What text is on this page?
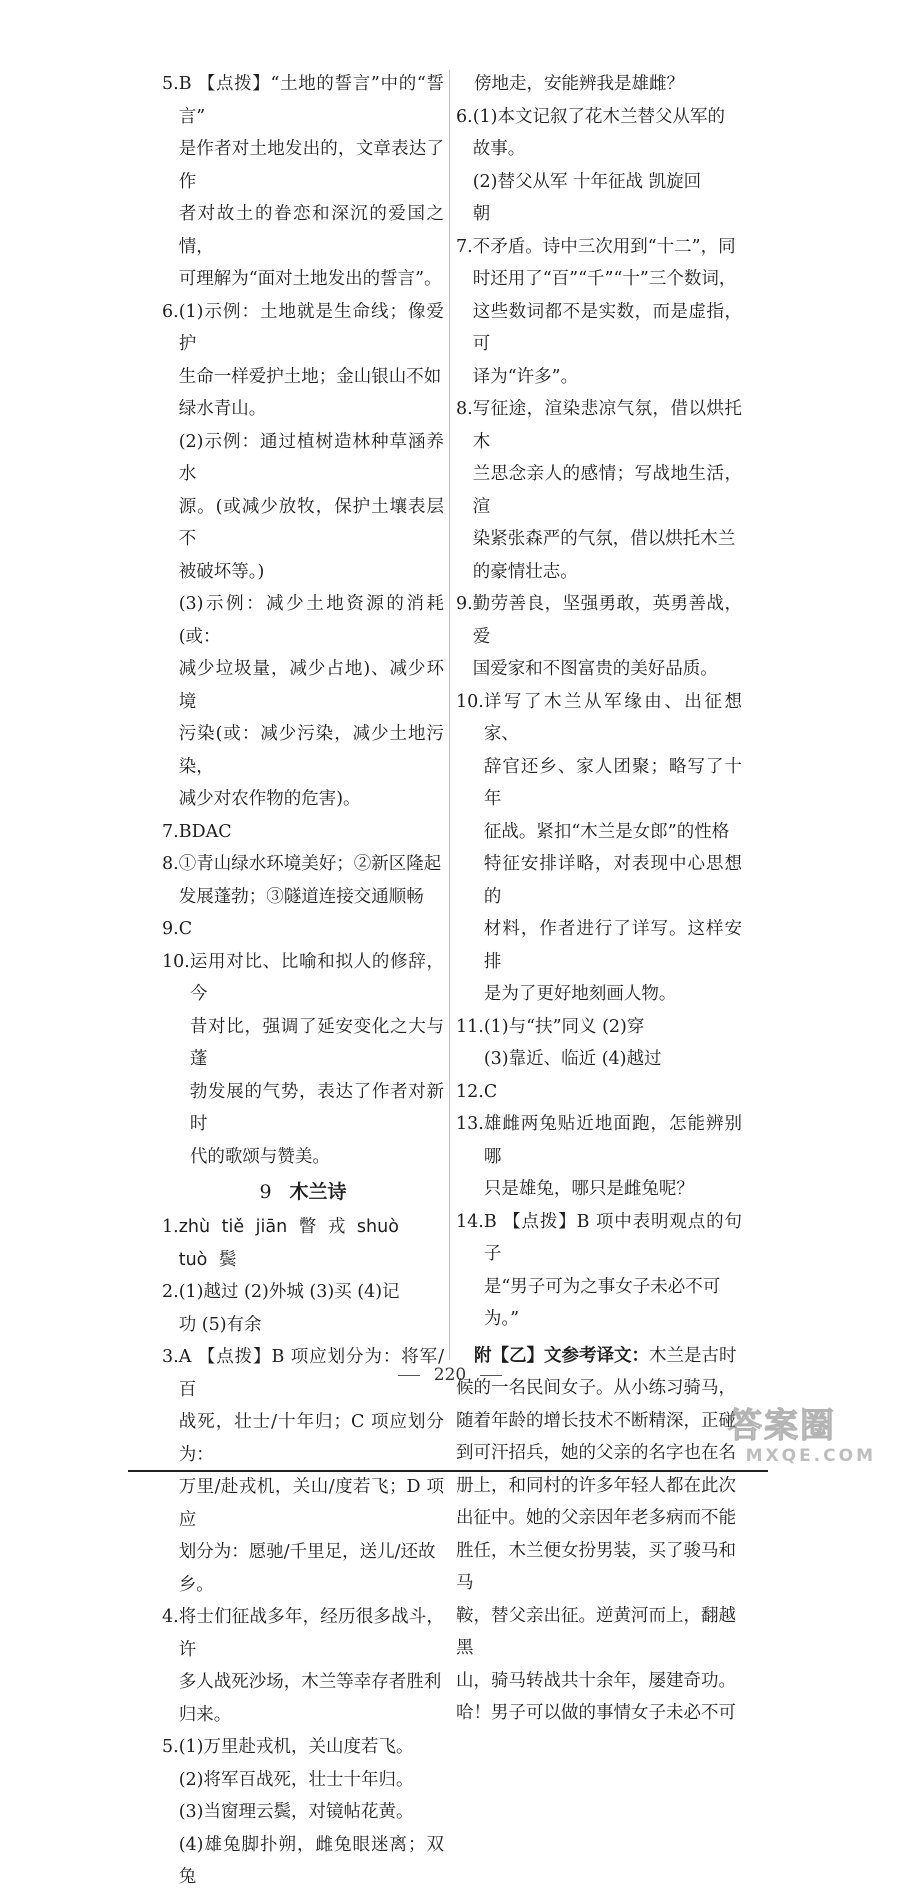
5. B 【点拨】“土地的誓言”中的“誓言”
是作者对土地发出的，文章表达了作
者对故土的眷恋和深沉的爱国之情，
可理解为“面对土地发出的誓言”。
6. (1)示例：土地就是生命线；像爱护
生命一样爱护土地；金山银山不如
绿水青山。
(2)示例：通过植树造林种草涵养水
源。(或减少放牧，保护土壤表层不
被破坏等。)
(3)示例：减少土地资源的消耗(或：
减少垃圾量，减少占地)、减少环境
污染(或：减少污染，减少土地污染，
减少对农作物的危害)。
7. BDAC
8. ①青山绿水环境美好；②新区隆起
发展蓬勃；③隧道连接交通顺畅
9. C
10. 运用对比、比喻和拟人的修辞，今
昔对比，强调了延安变化之大与蓬
勃发展的气势，表达了作者对新时
代的歌颂与赞美。
9 木兰诗
1. zhù tiě jiān 瞥 戎 shuò
tuò 鬓
2. (1)越过 (2)外城 (3)买 (4)记
功 (5)有余
3. A 【点拨】B 项应划分为：将军/百
战死，壮士/十年归；C 项应划分为：
万里/赴戎机，关山/度若飞；D 项应
划分为：愿驰/千里足，送儿/还故
乡。
4. 将士们征战多年，经历很多战斗，许
多人战死沙场，木兰等幸存者胜利
归来。
5. (1)万里赴戎机，关山度若飞。
(2)将军百战死，壮士十年归。
(3)当窗理云鬓，对镜帖花黄。
(4)雄兔脚扑朔，雌兔眼迷离；双兔
傍地走，安能辨我是雄雌？
6. (1)本文记叙了花木兰替父从军的
故事。
(2)替父从军 十年征战 凯旋回
朝
7. 不矛盾。诗中三次用到“十二”，同
时还用了“百”“千”“十”三个数词，
这些数词都不是实数，而是虚指，可
译为“许多”。
8. 写征途，渲染悲凉气氛，借以烘托木
兰思念亲人的感情；写战地生活，渲
染紧张森严的气氛，借以烘托木兰
的豪情壮志。
9. 勤劳善良，坚强勇敢，英勇善战，爱
国爱家和不图富贵的美好品质。
10. 详写了木兰从军缘由、出征想家、
辞官还乡、家人团聚；略写了十年
征战。紧扣“木兰是女郎”的性格
特征安排详略，对表现中心思想的
材料，作者进行了详写。这样安排
是为了更好地刻画人物。
11. (1)与“扶”同义 (2)穿
(3)靠近、临近 (4)越过
12. C
13. 雄雌两兔贴近地面跑，怎能辨别哪
只是雄兔，哪只是雌兔呢？
14. B 【点拨】B 项中表明观点的句子
是“男子可为之事女子未必不可
为。”
附【乙】文参考译文：木兰是古时
候的一名民间女子。从小练习骑马，
随着年龄的增长技术不断精深，正碰
到可汗招兵，她的父亲的名字也在名
册上，和同村的许多年轻人都在此次
出征中。她的父亲因年老多病而不能
胜任，木兰便女扮男装，买了骏马和马
鞍，替父亲出征。逆黄河而上，翻越黑
山，骑马转战共十余年，屡建奇功。
哈！男子可以做的事情女子未必不可
220
答案圈
MXQE.COM
